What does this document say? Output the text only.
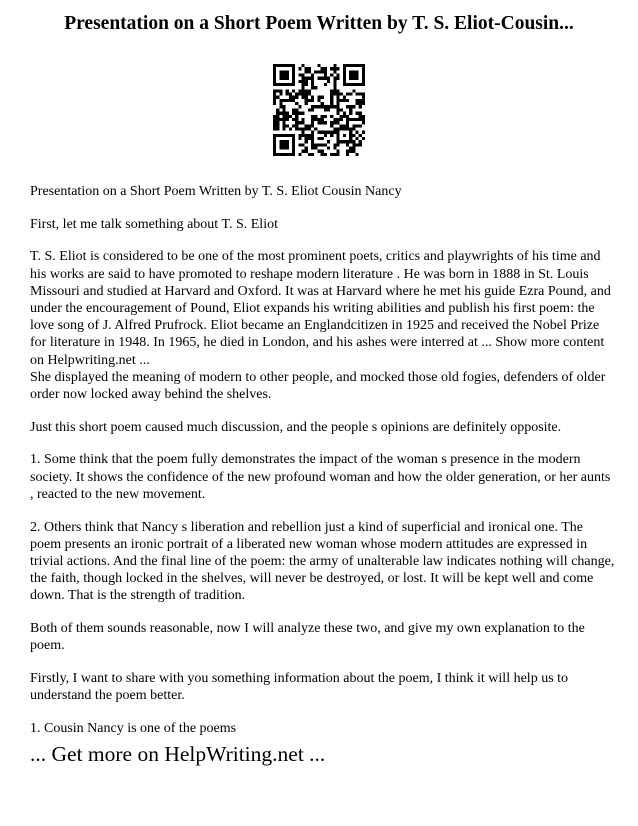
Presentation on a Short Poem Written by T. S. Eliot-Cousin...

Presentation on a Short Poem Written by T. S. Eliot Cousin Nancy

First, let me talk something about T. S. Eliot

T. S. Eliot is considered to be one of the most prominent poets, critics and playwrights of his time and his works are said to have promoted to reshape modern literature . He was born in 1888 in St. Louis Missouri and studied at Harvard and Oxford. It was at Harvard where he met his guide Ezra Pound, and under the encouragement of Pound, Eliot expands his writing abilities and publish his first poem: the love song of J. Alfred Prufrock. Eliot became an Englandcitizen in 1925 and received the Nobel Prize for literature in 1948. In 1965, he died in London, and his ashes were interred at ... Show more content on Helpwriting.net ...

She displayed the meaning of modern to other people, and mocked those old fogies, defenders of older order now locked away behind the shelves.

Just this short poem caused much discussion, and the people s opinions are definitely opposite.

1. Some think that the poem fully demonstrates the impact of the woman s presence in the modern society. It shows the confidence of the new profound woman and how the older generation, or her aunts , reacted to the new movement.

2. Others think that Nancy s liberation and rebellion just a kind of superficial and ironical one. The poem presents an ironic portrait of a liberated new woman whose modern attitudes are expressed in trivial actions. And the final line of the poem: the army of unalterable law indicates nothing will change, the faith, though locked in the shelves, will never be destroyed, or lost. It will be kept well and come down. That is the strength of tradition.

Both of them sounds reasonable, now I will analyze these two, and give my own explanation to the poem.

Firstly, I want to share with you something information about the poem, I think it will help us to understand the poem better.

1. Cousin Nancy is one of the poems

... Get more on HelpWriting.net ...
